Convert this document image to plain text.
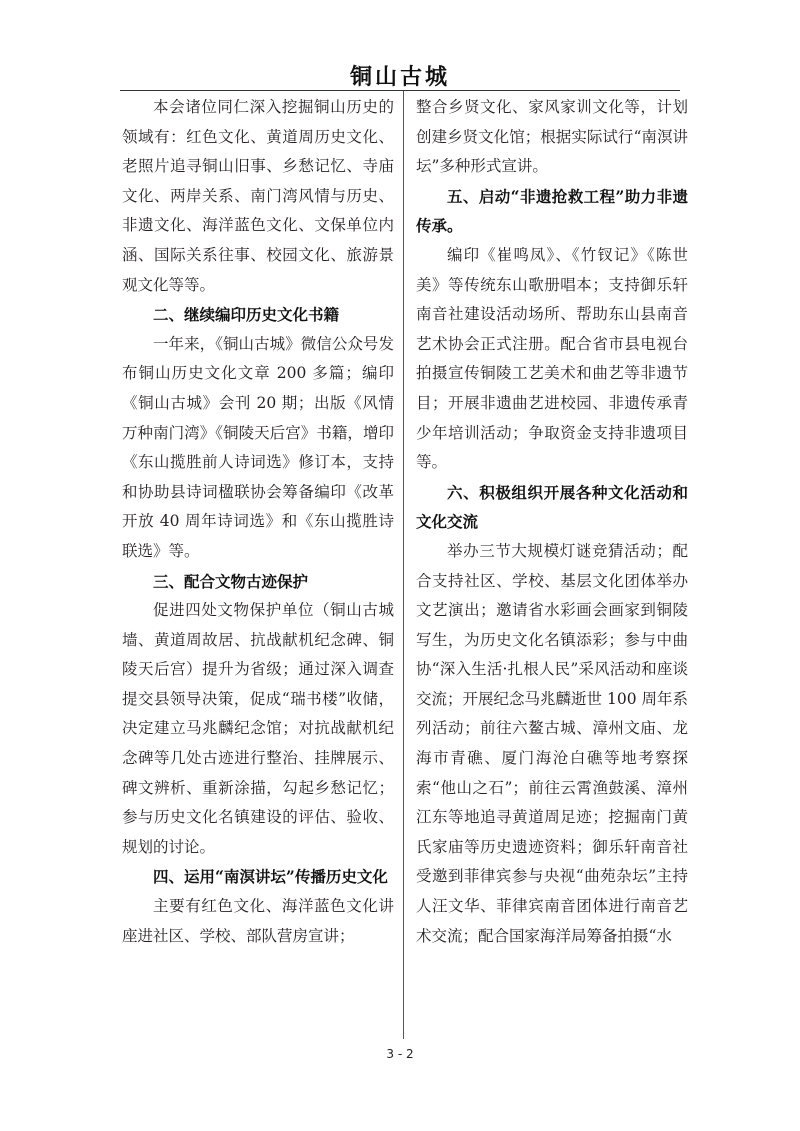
铜山古城

本会诸位同仁深入挖掘铜山历史的领域有：红色文化、黄道周历史文化、老照片追寻铜山旧事、乡愁记忆、寺庙文化、两岸关系、南门湾风情与历史、非遗文化、海洋蓝色文化、文保单位内涵、国际关系往事、校园文化、旅游景观文化等等。

二、继续编印历史文化书籍

一年来，《铜山古城》微信公众号发布铜山历史文化文章 200 多篇；编印《铜山古城》会刊 20 期；出版《风情万种南门湾》《铜陵天后宫》书籍，增印《东山揽胜前人诗词选》修订本，支持和协助县诗词楹联协会筹备编印《改革开放 40 周年诗词选》和《东山揽胜诗联选》等。

三、配合文物古迹保护

促进四处文物保护单位（铜山古城墙、黄道周故居、抗战献机纪念碑、铜陵天后宫）提升为省级；通过深入调查提交县领导决策，促成“瑞书楼”收储，决定建立马兆麟纪念馆；对抗战献机纪念碑等几处古迹进行整治、挂牌展示、碑文辨析、重新涂描，勾起乡愁记忆；参与历史文化名镇建设的评估、验收、规划的讨论。

四、运用“南溟讲坛”传播历史文化

主要有红色文化、海洋蓝色文化讲座进社区、学校、部队营房宣讲；

整合乡贤文化、家风家训文化等，计划创建乡贤文化馆；根据实际试行“南溟讲坛”多种形式宣讲。

五、启动“非遗抢救工程”助力非遗传承。

编印《崔鸣凤》、《竹钗记》《陈世美》等传统东山歌册唱本；支持御乐轩南音社建设活动场所、帮助东山县南音艺术协会正式注册。配合省市县电视台拍摄宣传铜陵工艺美术和曲艺等非遗节目；开展非遗曲艺进校园、非遗传承青少年培训活动；争取资金支持非遗项目等。

六、积极组织开展各种文化活动和文化交流

举办三节大规模灯谜竞猜活动；配合支持社区、学校、基层文化团体举办文艺演出；邀请省水彩画会画家到铜陵写生，为历史文化名镇添彩；参与中曲协“深入生活·扎根人民”采风活动和座谈交流；开展纪念马兆麟逝世 100 周年系列活动；前往六鳌古城、漳州文庙、龙海市青礁、厦门海沧白礁等地考察探索“他山之石”；前往云霄渔鼓溪、漳州江东等地追寻黄道周足迹；挖掘南门黄氏家庙等历史遗迹资料；御乐轩南音社受邀到菲律宾参与央视“曲苑杂坛”主持人汪文华、菲律宾南音团体进行南音艺术交流；配合国家海洋局筹备拍摄“水

3 - 2
